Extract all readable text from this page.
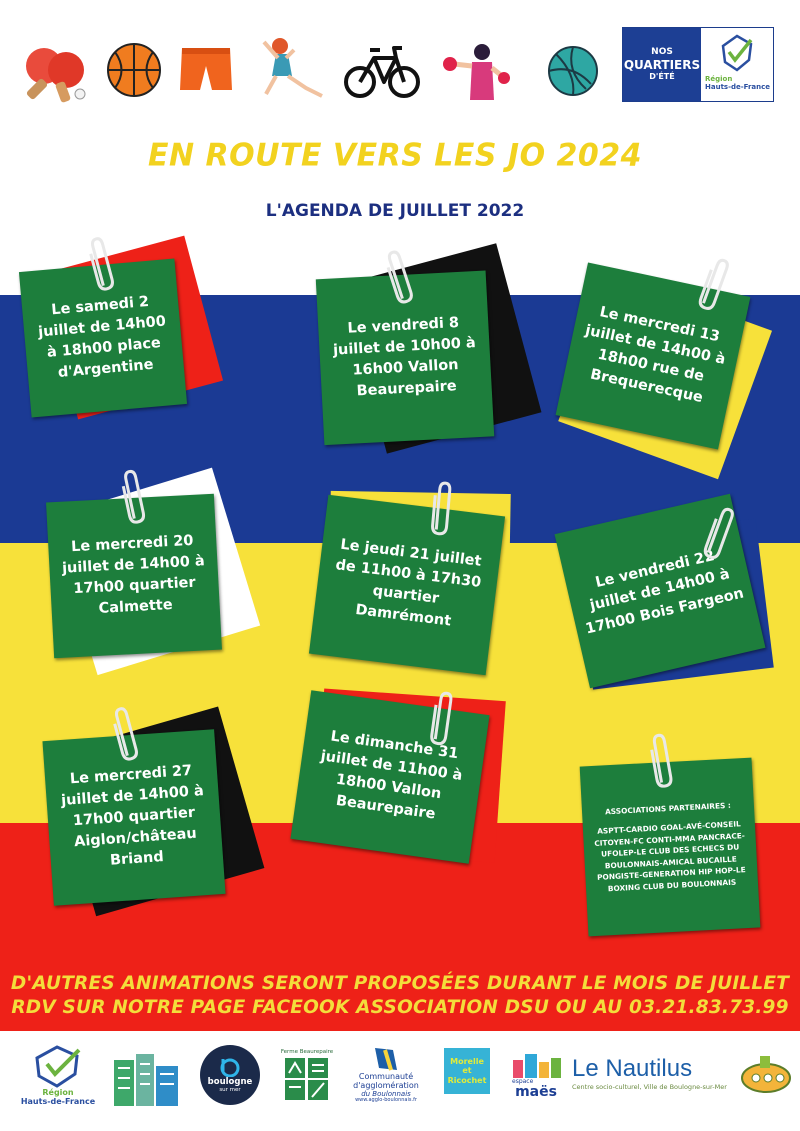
NOS
QUARTIERS
D'ÉTÉ	Région
Hauts-de-France
EN ROUTE VERS LES JO 2024
L'AGENDA DE JUILLET 2022
Le samedi 2 juillet de 14h00 à 18h00 place d'Argentine
Le vendredi 8 juillet de 10h00 à 16h00 Vallon Beaurepaire
Le mercredi 13 juillet de 14h00 à 18h00 rue de Brequerecque
Le mercredi 20 juillet de 14h00 à 17h00 quartier Calmette
Le jeudi 21 juillet de 11h00 à 17h30 quartier Damrémont
Le vendredi 22 juillet de 14h00 à 17h00 Bois Fargeon
Le mercredi 27 juillet de 14h00 à 17h00 quartier Aiglon/château Briand
Le dimanche 31 juillet de 11h00 à 18h00 Vallon Beaurepaire	ASSOCIATIONS PARTENAIRES :
ASPTT-CARDIO GOAL-AVÉ-CONSEIL CITOYEN-FC CONTI-MMA PANCRACE-UFOLEP-LE CLUB DES ECHECS DU BOULONNAIS-AMICAL BUCAILLE PONGISTE-GENERATION HIP HOP-LE BOXING CLUB DU BOULONNAIS
D'AUTRES ANIMATIONS SERONT PROPOSÉES DURANT LE MOIS DE JUILLET
RDV SUR NOTRE PAGE FACEOOK ASSOCIATION DSU OU AU 03.21.83.73.99
Région
Hauts-de-France
boulogne
sur mer
Ferme Beaurepaire
Communauté
d'agglomération
du Boulonnais
www.agglo-boulonnais.fr
Morelle
et
Ricochet	espace
maës
Le Nautilus
Centre socio-culturel, Ville de Boulogne-sur-Mer
